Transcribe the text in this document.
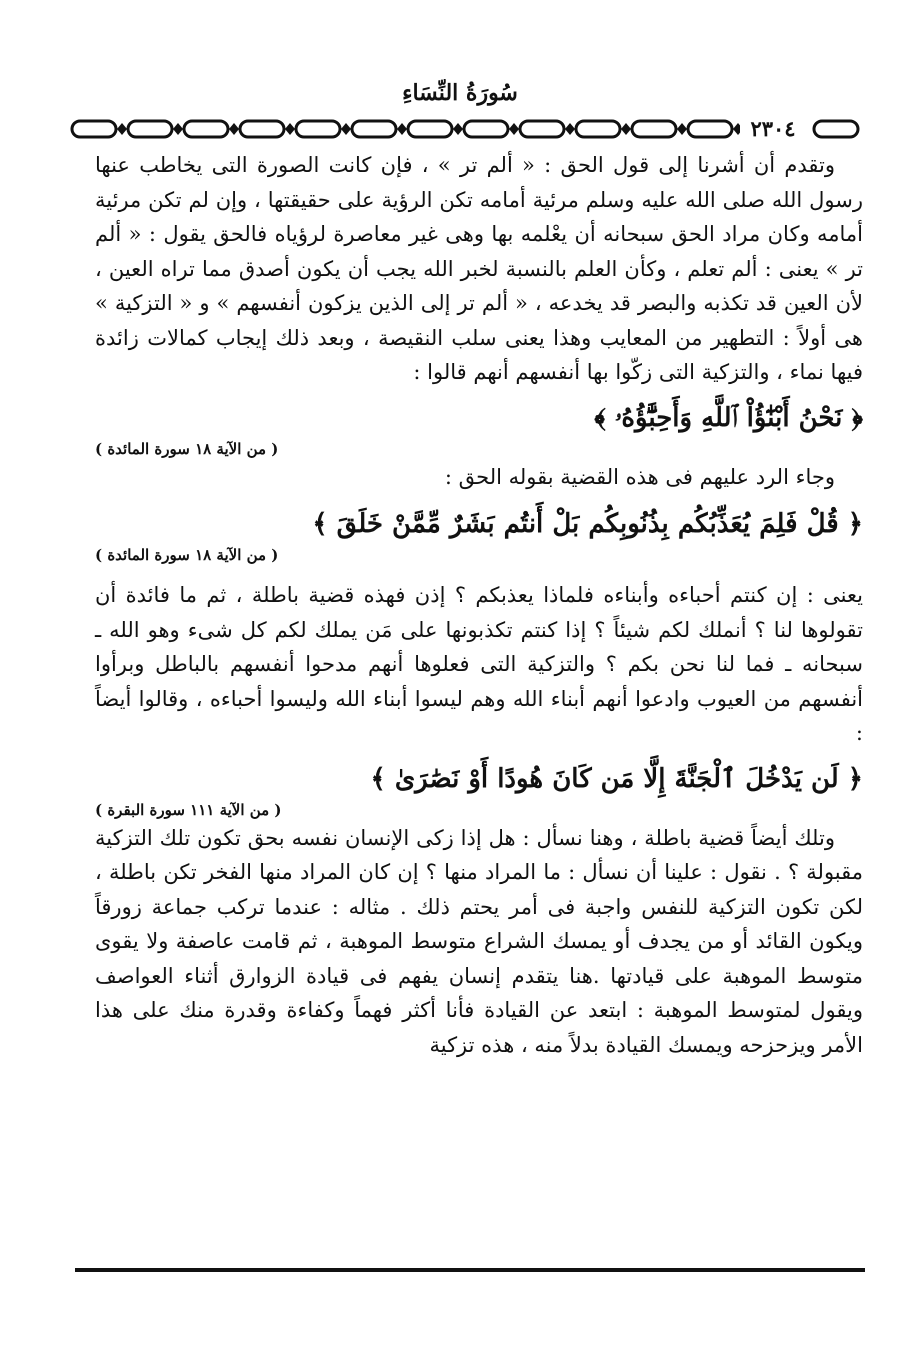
سُورَةُ النِّسَاءِ
٢٣٠٤

وتقدم أن أشرنا إلى قول الحق : « ألم تر » ، فإن كانت الصورة التى يخاطب عنها رسول الله صلى الله عليه وسلم مرئية أمامه تكن الرؤية على حقيقتها ، وإن لم تكن مرئية أمامه وكان مراد الحق سبحانه أن يعْلمه بها وهى غير معاصرة لرؤياه فالحق يقول : « ألم تر » يعنى : ألم تعلم ، وكأن العلم بالنسبة لخبر الله يجب أن يكون أصدق مما تراه العين ، لأن العين قد تكذبه والبصر قد يخدعه ، « ألم تر إلى الذين يزكون أنفسهم » و « التزكية » هى أولاً : التطهير من المعايب وهذا يعنى سلب النقيصة ، وبعد ذلك إيجاب كمالات زائدة فيها نماء ، والتزكية التى زكّوا بها أنفسهم أنهم قالوا :

﴿ نَحْنُ أَبْنَٰٓؤُاْ ٱللَّهِ وَأَحِبَّٰٓؤُهُۥ ﴾

( من الآية ١٨ سورة المائدة )

وجاء الرد عليهم فى هذه القضية بقوله الحق :

﴿ قُلْ فَلِمَ يُعَذِّبُكُم بِذُنُوبِكُم بَلْ أَنتُم بَشَرٌ مِّمَّنْ خَلَقَ ﴾

( من الآية ١٨ سورة المائدة )

يعنى : إن كنتم أحباءه وأبناءه فلماذا يعذبكم ؟ إذن فهذه قضية باطلة ، ثم ما فائدة أن تقولوها لنا ؟ أنملك لكم شيئاً ؟ إذا كنتم تكذبونها على مَن يملك لكم كل شىء وهو الله ـ سبحانه ـ فما لنا نحن بكم ؟ والتزكية التى فعلوها أنهم مدحوا أنفسهم بالباطل وبرأوا أنفسهم من العيوب وادعوا أنهم أبناء الله وهم ليسوا أبناء الله وليسوا أحباءه ، وقالوا أيضاً :

﴿ لَن يَدْخُلَ ٱلْجَنَّةَ إِلَّا مَن كَانَ هُودًا أَوْ نَصَٰرَىٰ ﴾

( من الآية ١١١ سورة البقرة )

وتلك أيضاً قضية باطلة ، وهنا نسأل : هل إذا زكى الإنسان نفسه بحق تكون تلك التزكية مقبولة ؟ . نقول : علينا أن نسأل : ما المراد منها ؟ إن كان المراد منها الفخر تكن باطلة ، لكن تكون التزكية للنفس واجبة فى أمر يحتم ذلك . مثاله : عندما تركب جماعة زورقاً ويكون القائد أو من يجدف أو يمسك الشراع متوسط الموهبة ، ثم قامت عاصفة ولا يقوى متوسط الموهبة على قيادتها .هنا يتقدم إنسان يفهم فى قيادة الزوارق أثناء العواصف ويقول لمتوسط الموهبة : ابتعد عن القيادة فأنا أكثر فهماً وكفاءة وقدرة منك على هذا الأمر ويزحزحه ويمسك القيادة بدلاً منه ، هذه تزكية
